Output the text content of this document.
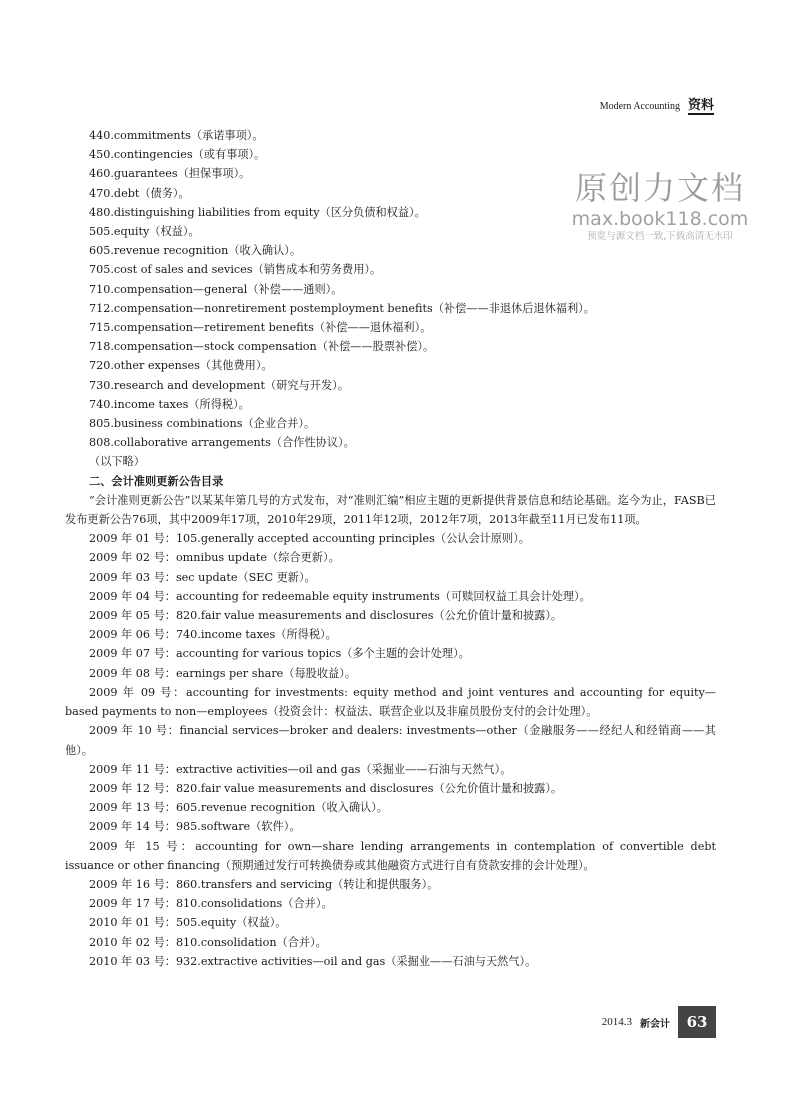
Modern Accounting 资料
原创力文档
max.book118.com
预览与源文档一致,下载高清无水印
440.commitments（承诺事项）。
450.contingencies（或有事项）。
460.guarantees（担保事项）。
470.debt（债务）。
480.distinguishing liabilities from equity（区分负债和权益）。
505.equity（权益）。
605.revenue recognition（收入确认）。
705.cost of sales and sevices（销售成本和劳务费用）。
710.compensation—general（补偿——通则）。
712.compensation—nonretirement postemployment benefits（补偿——非退休后退休福利）。
715.compensation—retirement benefits（补偿——退休福利）。
718.compensation—stock compensation（补偿——股票补偿）。
720.other expenses（其他费用）。
730.research and development（研究与开发）。
740.income taxes（所得税）。
805.business combinations（企业合并）。
808.collaborative arrangements（合作性协议）。
（以下略）
二、会计准则更新公告目录
“会计准则更新公告”以某某年第几号的方式发布，对“准则汇编”相应主题的更新提供背景信息和结论基础。迄今为止，FASB已发布更新公告76项，其中2009年17项，2010年29项，2011年12项，2012年7项，2013年截至11月已发布11项。
2009 年 01 号：105.generally accepted accounting principles（公认会计原则）。
2009 年 02 号：omnibus update（综合更新）。
2009 年 03 号：sec update（SEC 更新）。
2009 年 04 号：accounting for redeemable equity instruments（可赎回权益工具会计处理）。
2009 年 05 号：820.fair value measurements and disclosures（公允价值计量和披露）。
2009 年 06 号：740.income taxes（所得税）。
2009 年 07 号：accounting for various topics（多个主题的会计处理）。
2009 年 08 号：earnings per share（每股收益）。
2009 年 09 号：accounting for investments: equity method and joint ventures and accounting for equity—based payments to non—employees（投资会计：权益法、联营企业以及非雇员股份支付的会计处理）。
2009 年 10 号：financial services—broker and dealers: investments—other（金融服务——经纪人和经销商——其他）。
2009 年 11 号：extractive activities—oil and gas（采掘业——石油与天然气）。
2009 年 12 号：820.fair value measurements and disclosures（公允价值计量和披露）。
2009 年 13 号：605.revenue recognition（收入确认）。
2009 年 14 号：985.software（软件）。
2009 年 15 号：accounting for own—share lending arrangements in contemplation of convertible debt issuance or other financing（预期通过发行可转换债券或其他融资方式进行自有贷款安排的会计处理）。
2009 年 16 号：860.transfers and servicing（转让和提供服务）。
2009 年 17 号：810.consolidations（合并）。
2010 年 01 号：505.equity（权益）。
2010 年 02 号：810.consolidation（合并）。
2010 年 03 号：932.extractive activities—oil and gas（采掘业——石油与天然气）。
2014.3 新会计	63
